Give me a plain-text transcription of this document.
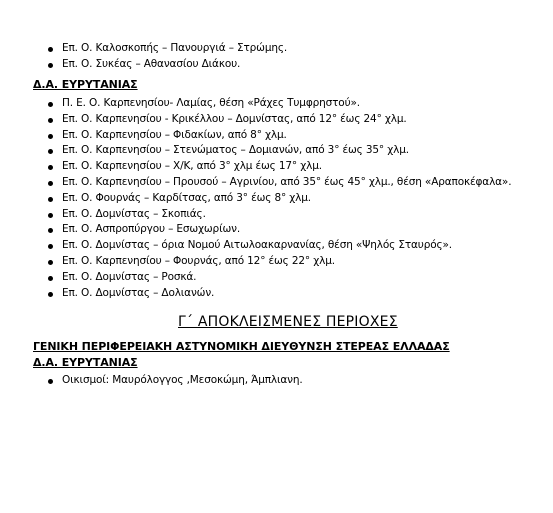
Επ. Ο. Καλοσκοπής – Πανουργιά – Στρώμης.
Επ. Ο. Συκέας – Αθανασίου Διάκου.
Δ.Α. ΕΥΡΥΤΑΝΙΑΣ
Π. Ε. Ο. Καρπενησίου- Λαμίας, θέση «Ράχες Τυμφρηστού».
Επ. Ο. Καρπενησίου - Κρικέλλου – Δομνίστας, από 12° έως 24° χλμ.
Επ. Ο. Καρπενησίου – Φιδακίων, από 8° χλμ.
Επ. Ο. Καρπενησίου – Στενώματος – Δομιανών, από 3° έως 35° χλμ.
Επ. Ο. Καρπενησίου – Χ/Κ, από 3° χλμ έως 17° χλμ.
Επ. Ο. Καρπενησίου – Προυσού – Αγρινίου, από 35° έως 45° χλμ., θέση «Αραποκέφαλα».
Επ. Ο. Φουρνάς – Καρδίτσας, από 3° έως 8° χλμ.
Επ. Ο. Δομνίστας – Σκοπιάς.
Επ. Ο. Ασπροπύργου – Εσωχωρίων.
Επ. Ο. Δομνίστας – όρια Νομού Αιτωλοακαρνανίας, θέση «Ψηλός Σταυρός».
Επ. Ο. Καρπενησίου – Φουρνάς, από 12° έως 22° χλμ.
Επ. Ο. Δομνίστας – Ροσκά.
Επ. Ο. Δομνίστας – Δολιανών.
Γ΄ ΑΠΟΚΛΕΙΣΜΕΝΕΣ ΠΕΡΙΟΧΕΣ
ΓΕΝΙΚΗ ΠΕΡΙΦΕΡΕΙΑΚΗ ΑΣΤΥΝΟΜΙΚΗ ΔΙΕΥΘΥΝΣΗ ΣΤΕΡΕΑΣ ΕΛΛΑΔΑΣ
Δ.Α. ΕΥΡΥΤΑΝΙΑΣ
Οικισμοί: Μαυρόλογγος ,Μεσοκώμη, Άμπλιανη.
